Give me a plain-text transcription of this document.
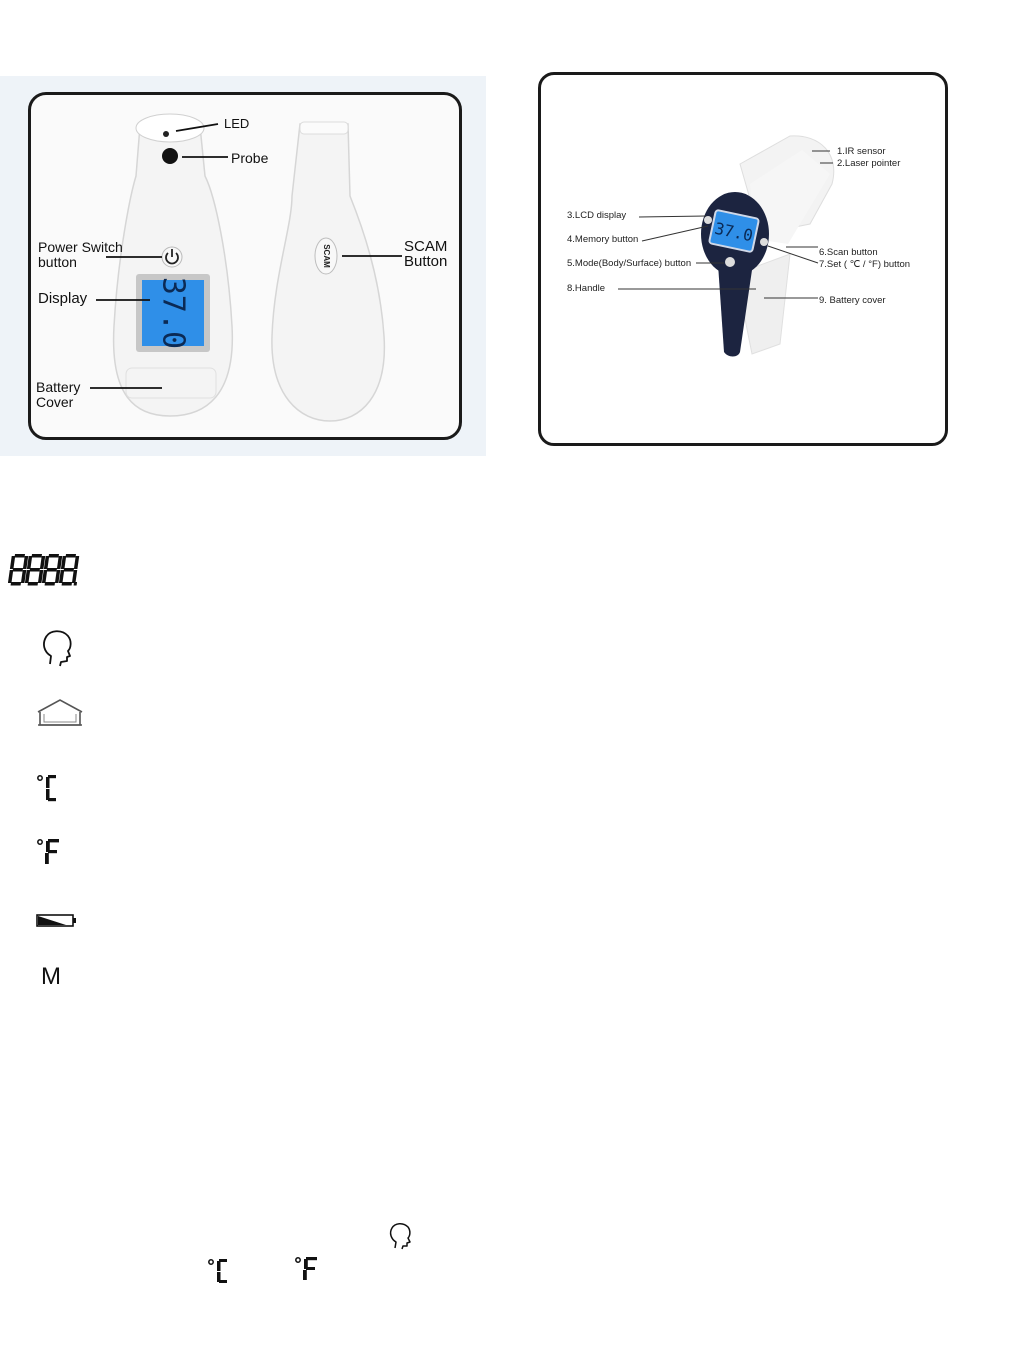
37.0
SCAM
LED
Probe
Power Switch
button
Display
Battery
Cover
SCAM
Button
37.0
1.IR sensor
2.Laser pointer
3.LCD display
4.Memory button
5.Mode(Body/Surface) button
8.Handle
6.Scan button
7.Set ( ℃ / °F) button
9. Battery cover
M
